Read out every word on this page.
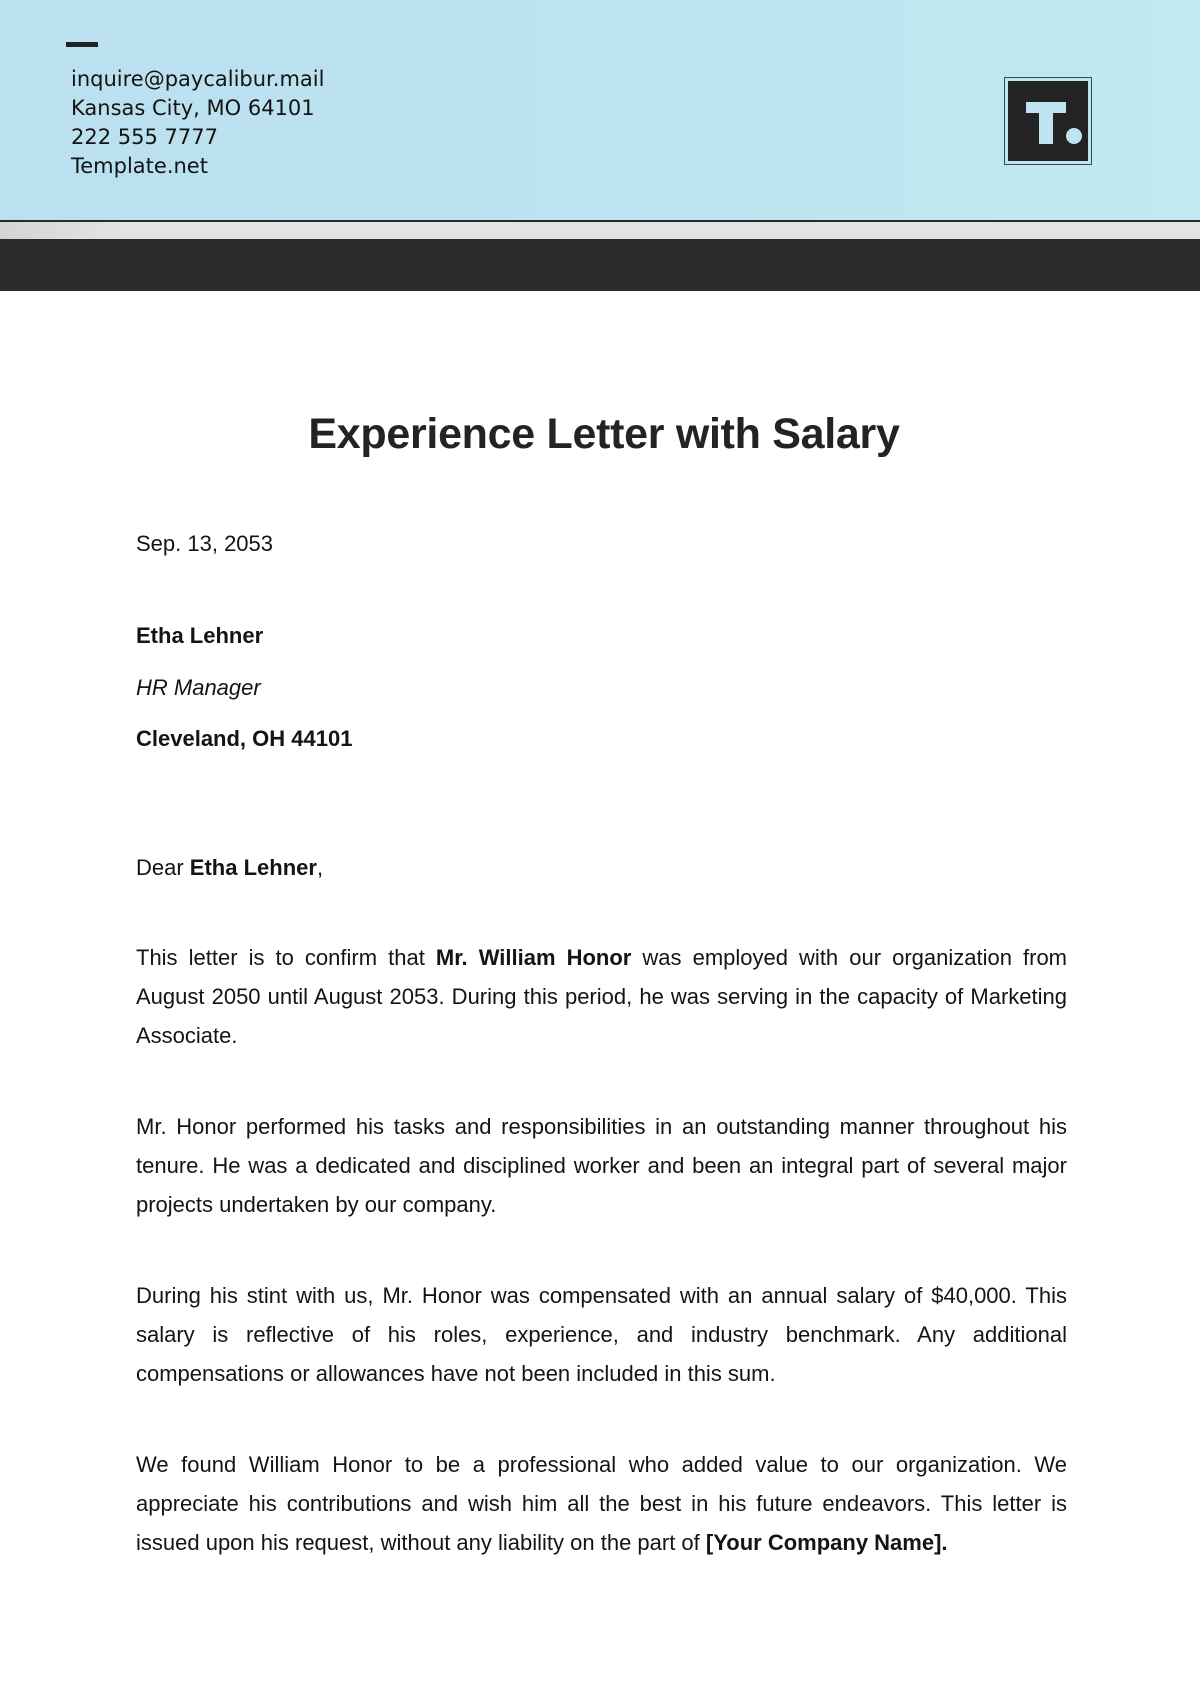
inquire@paycalibur.mail
Kansas City, MO 64101
222 555 7777
Template.net
Experience Letter with Salary
Sep. 13, 2053
Etha Lehner
HR Manager
Cleveland, OH 44101
Dear Etha Lehner,
This letter is to confirm that Mr. William Honor was employed with our organization from August 2050 until August 2053. During this period, he was serving in the capacity of Marketing Associate.
Mr. Honor performed his tasks and responsibilities in an outstanding manner throughout his tenure. He was a dedicated and disciplined worker and been an integral part of several major projects undertaken by our company.
During his stint with us, Mr. Honor was compensated with an annual salary of $40,000. This salary is reflective of his roles, experience, and industry benchmark. Any additional compensations or allowances have not been included in this sum.
We found William Honor to be a professional who added value to our organization. We appreciate his contributions and wish him all the best in his future endeavors. This letter is issued upon his request, without any liability on the part of [Your Company Name].
